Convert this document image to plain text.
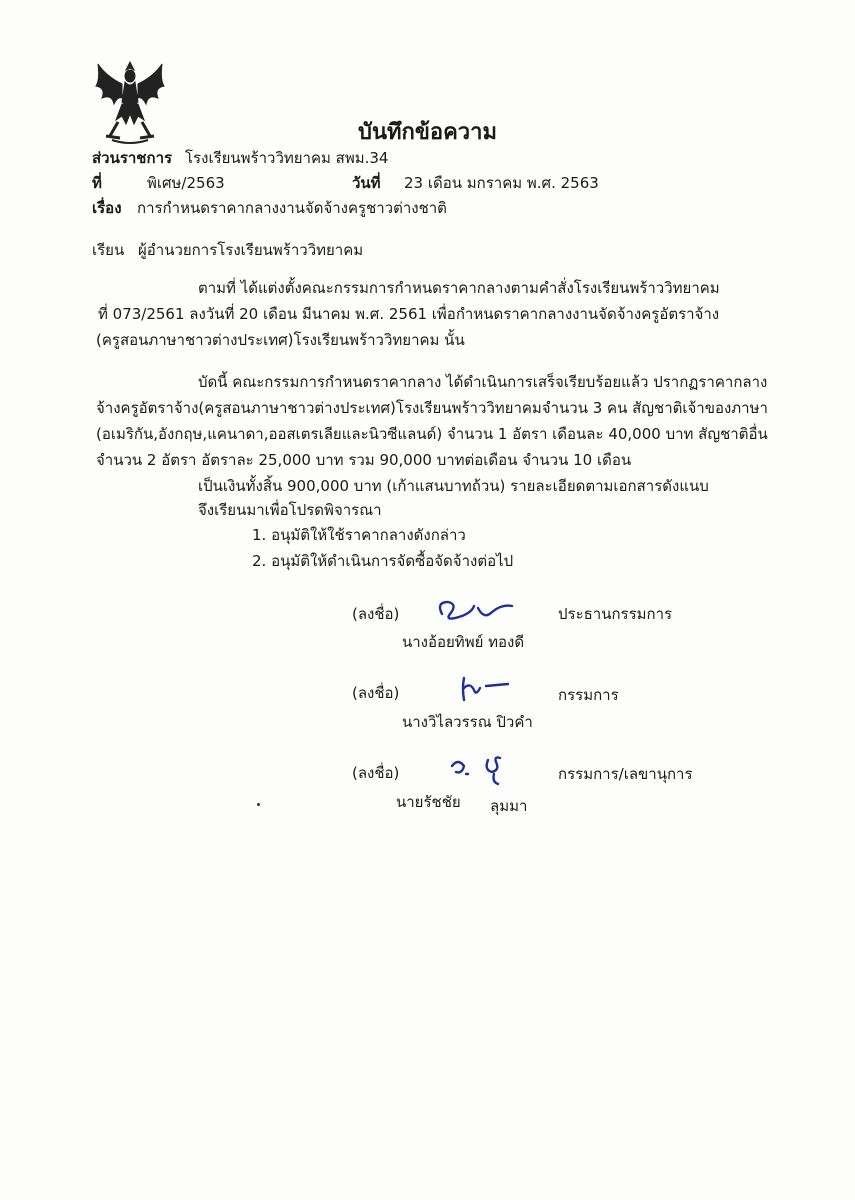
บันทึกข้อความ
ส่วนราชการ โรงเรียนพร้าววิทยาคม สพม.34
ที่	พิเศษ/2563	วันที่ 23 เดือน มกราคม พ.ศ. 2563
เรื่อง การกำหนดราคากลางงานจัดจ้างครูชาวต่างชาติ
เรียน ผู้อำนวยการโรงเรียนพร้าววิทยาคม
ตามที่ ได้แต่งตั้งคณะกรรมการกำหนดราคากลางตามคำสั่งโรงเรียนพร้าววิทยาคม
ที่ 073/2561 ลงวันที่ 20 เดือน มีนาคม พ.ศ. 2561 เพื่อกำหนดราคากลางงานจัดจ้างครูอัตราจ้าง
(ครูสอนภาษาชาวต่างประเทศ)โรงเรียนพร้าววิทยาคม นั้น
บัดนี้ คณะกรรมการกำหนดราคากลาง ได้ดำเนินการเสร็จเรียบร้อยแล้ว ปรากฏราคากลาง
จ้างครูอัตราจ้าง(ครูสอนภาษาชาวต่างประเทศ)โรงเรียนพร้าววิทยาคมจำนวน 3 คน สัญชาติเจ้าของภาษา
(อเมริกัน,อังกฤษ,แคนาดา,ออสเตรเลียและนิวซีแลนด์) จำนวน 1 อัตรา เดือนละ 40,000 บาท สัญชาติอื่น
จำนวน 2 อัตรา อัตราละ 25,000 บาท รวม 90,000 บาทต่อเดือน จำนวน 10 เดือน
เป็นเงินทั้งสิ้น 900,000 บาท (เก้าแสนบาทถ้วน) รายละเอียดตามเอกสารดังแนบ
จึงเรียนมาเพื่อโปรดพิจารณา
1. อนุมัติให้ใช้ราคากลางดังกล่าว
2. อนุมัติให้ดำเนินการจัดซื้อจัดจ้างต่อไป
(ลงชื่อ)	ประธานกรรมการ
นางอ้อยทิพย์ ทองดี
(ลงชื่อ)	กรรมการ
นางวิไลวรรณ ปิวคำ
(ลงชื่อ)	กรรมการ/เลขานุการ
นายรัชชัย ลุมมา
